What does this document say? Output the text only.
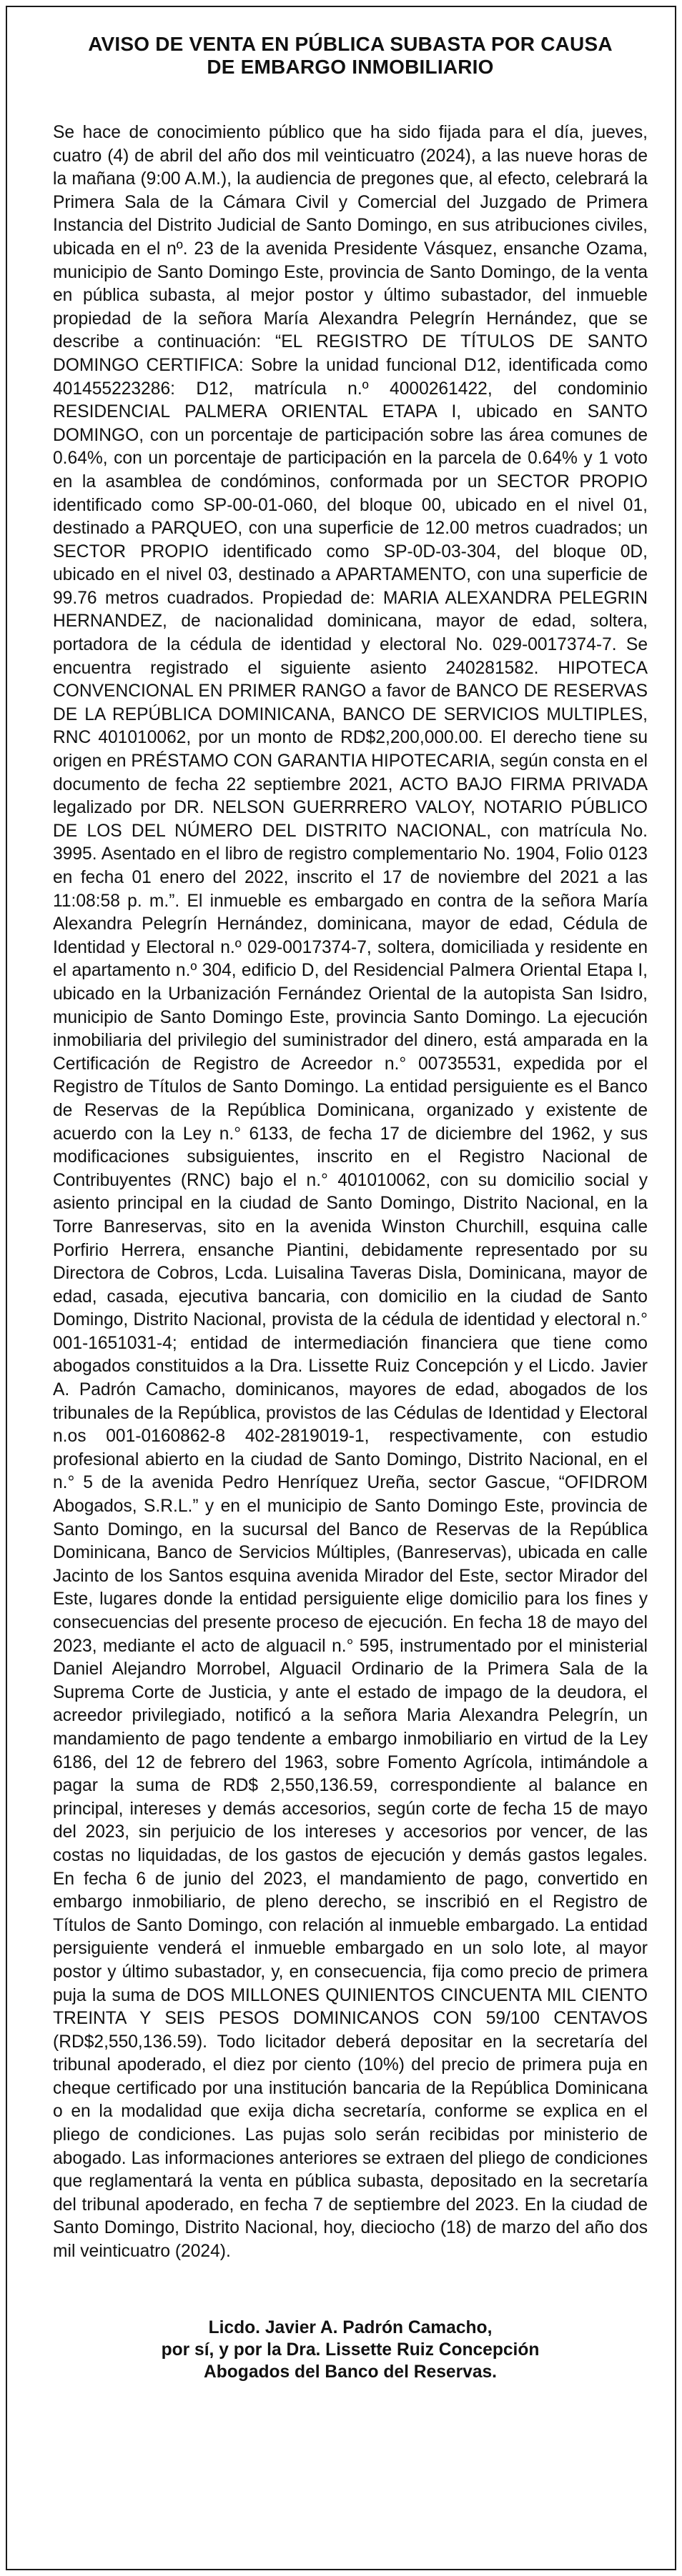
AVISO DE VENTA EN PÚBLICA SUBASTA POR CAUSA
DE EMBARGO INMOBILIARIO

Se hace de conocimiento público que ha sido fijada para el día, jueves, cuatro (4) de abril del año dos mil veinticuatro (2024), a las nueve horas de la mañana (9:00 A.M.), la audiencia de pregones que, al efecto, celebrará la Primera Sala de la Cámara Civil y Comercial del Juzgado de Primera Instancia del Distrito Judicial de Santo Domingo, en sus atribuciones civiles, ubicada en el nº. 23 de la avenida Presidente Vásquez, ensanche Ozama, municipio de Santo Domingo Este, provincia de Santo Domingo, de la venta en pública subasta, al mejor postor y último subastador, del inmueble propiedad de la señora María Alexandra Pelegrín Hernández, que se describe a continuación: “EL REGISTRO DE TÍTULOS DE SANTO DOMINGO CERTIFICA: Sobre la unidad funcional D12, identificada como 401455223286: D12, matrícula n.º 4000261422, del condominio RESIDENCIAL PALMERA ORIENTAL ETAPA I, ubicado en SANTO DOMINGO, con un porcentaje de participación sobre las área comunes de 0.64%, con un porcentaje de participación en la parcela de 0.64% y 1 voto en la asamblea de condóminos, conformada por un SECTOR PROPIO identificado como SP-00-01-060, del bloque 00, ubicado en el nivel 01, destinado a PARQUEO, con una superficie de 12.00 metros cuadrados; un SECTOR PROPIO identificado como SP-0D-03-304, del bloque 0D, ubicado en el nivel 03, destinado a APARTAMENTO, con una superficie de 99.76 metros cuadrados. Propiedad de: MARIA ALEXANDRA PELEGRIN HERNANDEZ, de nacionalidad dominicana, mayor de edad, soltera, portadora de la cédula de identidad y electoral No. 029-0017374-7. Se encuentra registrado el siguiente asiento 240281582. HIPOTECA CONVENCIONAL EN PRIMER RANGO a favor de BANCO DE RESERVAS DE LA REPÚBLICA DOMINICANA, BANCO DE SERVICIOS MULTIPLES, RNC 401010062, por un monto de RD$2,200,000.00. El derecho tiene su origen en PRÉSTAMO CON GARANTIA HIPOTECARIA, según consta en el documento de fecha 22 septiembre 2021, ACTO BAJO FIRMA PRIVADA legalizado por DR. NELSON GUERRRERO VALOY, NOTARIO PÚBLICO DE LOS DEL NÚMERO DEL DISTRITO NACIONAL, con matrícula No. 3995. Asentado en el libro de registro complementario No. 1904, Folio 0123 en fecha 01 enero del 2022, inscrito el 17 de noviembre del 2021 a las 11:08:58 p. m.”. El inmueble es embargado en contra de la señora María Alexandra Pelegrín Hernández, dominicana, mayor de edad, Cédula de Identidad y Electoral n.º 029-0017374-7, soltera, domiciliada y residente en el apartamento n.º 304, edificio D, del Residencial Palmera Oriental Etapa I, ubicado en la Urbanización Fernández Oriental de la autopista San Isidro, municipio de Santo Domingo Este, provincia Santo Domingo. La ejecución inmobiliaria del privilegio del suministrador del dinero, está amparada en la Certificación de Registro de Acreedor n.° 00735531, expedida por el Registro de Títulos de Santo Domingo. La entidad persiguiente es el Banco de Reservas de la República Dominicana, organizado y existente de acuerdo con la Ley n.° 6133, de fecha 17 de diciembre del 1962, y sus modificaciones subsiguientes, inscrito en el Registro Nacional de Contribuyentes (RNC) bajo el n.° 401010062, con su domicilio social y asiento principal en la ciudad de Santo Domingo, Distrito Nacional, en la Torre Banreservas, sito en la avenida Winston Churchill, esquina calle Porfirio Herrera, ensanche Piantini, debidamente representado por su Directora de Cobros, Lcda. Luisalina Taveras Disla, Dominicana, mayor de edad, casada, ejecutiva bancaria, con domicilio en la ciudad de Santo Domingo, Distrito Nacional, provista de la cédula de identidad y electoral n.° 001-1651031-4; entidad de intermediación financiera que tiene como abogados constituidos a la Dra. Lissette Ruiz Concepción y el Licdo. Javier A. Padrón Camacho, dominicanos, mayores de edad, abogados de los tribunales de la República, provistos de las Cédulas de Identidad y Electoral n.os 001-0160862-8 402-2819019-1, respectivamente, con estudio profesional abierto en la ciudad de Santo Domingo, Distrito Nacional, en el n.° 5 de la avenida Pedro Henríquez Ureña, sector Gascue, “OFIDROM Abogados, S.R.L.” y en el municipio de Santo Domingo Este, provincia de Santo Domingo, en la sucursal del Banco de Reservas de la República Dominicana, Banco de Servicios Múltiples, (Banreservas), ubicada en calle Jacinto de los Santos esquina avenida Mirador del Este, sector Mirador del Este, lugares donde la entidad persiguiente elige domicilio para los fines y consecuencias del presente proceso de ejecución. En fecha 18 de mayo del 2023, mediante el acto de alguacil n.° 595, instrumentado por el ministerial Daniel Alejandro Morrobel, Alguacil Ordinario de la Primera Sala de la Suprema Corte de Justicia, y ante el estado de impago de la deudora, el acreedor privilegiado, notificó a la señora Maria Alexandra Pelegrín, un mandamiento de pago tendente a embargo inmobiliario en virtud de la Ley 6186, del 12 de febrero del 1963, sobre Fomento Agrícola, intimándole a pagar la suma de RD$ 2,550,136.59, correspondiente al balance en principal, intereses y demás accesorios, según corte de fecha 15 de mayo del 2023, sin perjuicio de los intereses y accesorios por vencer, de las costas no liquidadas, de los gastos de ejecución y demás gastos legales. En fecha 6 de junio del 2023, el mandamiento de pago, convertido en embargo inmobiliario, de pleno derecho, se inscribió en el Registro de Títulos de Santo Domingo, con relación al inmueble embargado. La entidad persiguiente venderá el inmueble embargado en un solo lote, al mayor postor y último subastador, y, en consecuencia, fija como precio de primera puja la suma de DOS MILLONES QUINIENTOS CINCUENTA MIL CIENTO TREINTA Y SEIS PESOS DOMINICANOS CON 59/100 CENTAVOS (RD$2,550,136.59). Todo licitador deberá depositar en la secretaría del tribunal apoderado, el diez por ciento (10%) del precio de primera puja en cheque certificado por una institución bancaria de la República Dominicana o en la modalidad que exija dicha secretaría, conforme se explica en el pliego de condiciones. Las pujas solo serán recibidas por ministerio de abogado. Las informaciones anteriores se extraen del pliego de condiciones que reglamentará la venta en pública subasta, depositado en la secretaría del tribunal apoderado, en fecha 7 de septiembre del 2023. En la ciudad de Santo Domingo, Distrito Nacional, hoy, dieciocho (18) de marzo del año dos mil veinticuatro (2024).

Licdo. Javier A. Padrón Camacho,
por sí, y por la Dra. Lissette Ruiz Concepción
Abogados del Banco del Reservas.
